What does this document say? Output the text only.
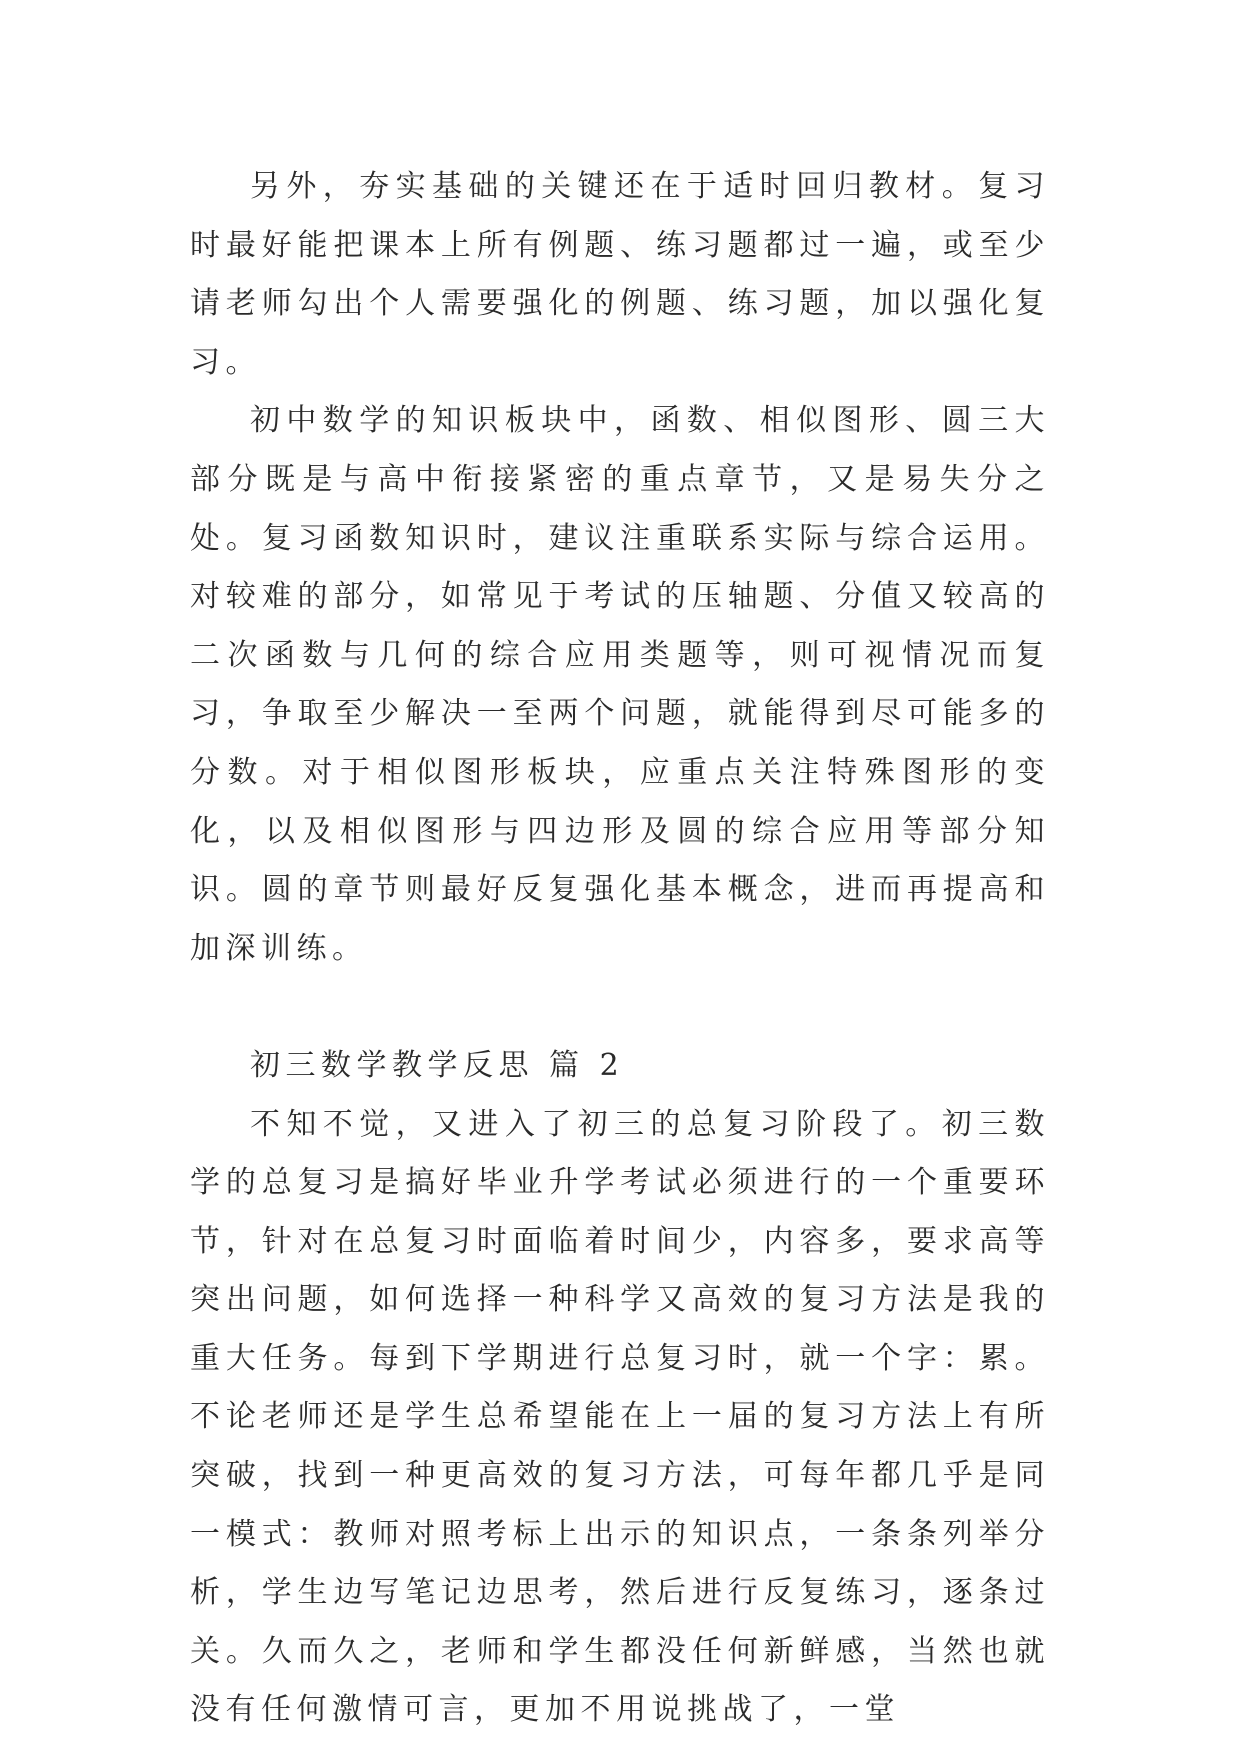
另外，夯实基础的关键还在于适时回归教材。复习时最好能把课本上所有例题、练习题都过一遍，或至少请老师勾出个人需要强化的例题、练习题，加以强化复习。

初中数学的知识板块中，函数、相似图形、圆三大部分既是与高中衔接紧密的重点章节，又是易失分之处。复习函数知识时，建议注重联系实际与综合运用。对较难的部分，如常见于考试的压轴题、分值又较高的二次函数与几何的综合应用类题等，则可视情况而复习，争取至少解决一至两个问题，就能得到尽可能多的分数。对于相似图形板块，应重点关注特殊图形的变化，以及相似图形与四边形及圆的综合应用等部分知识。圆的章节则最好反复强化基本概念，进而再提高和加深训练。

初三数学教学反思 篇 2

不知不觉，又进入了初三的总复习阶段了。初三数学的总复习是搞好毕业升学考试必须进行的一个重要环节，针对在总复习时面临着时间少，内容多，要求高等突出问题，如何选择一种科学又高效的复习方法是我的重大任务。每到下学期进行总复习时，就一个字：累。不论老师还是学生总希望能在上一届的复习方法上有所突破，找到一种更高效的复习方法，可每年都几乎是同一模式：教师对照考标上出示的知识点，一条条列举分析，学生边写笔记边思考，然后进行反复练习，逐条过关。久而久之，老师和学生都没任何新鲜感，当然也就没有任何激情可言，更加不用说挑战了，一堂
